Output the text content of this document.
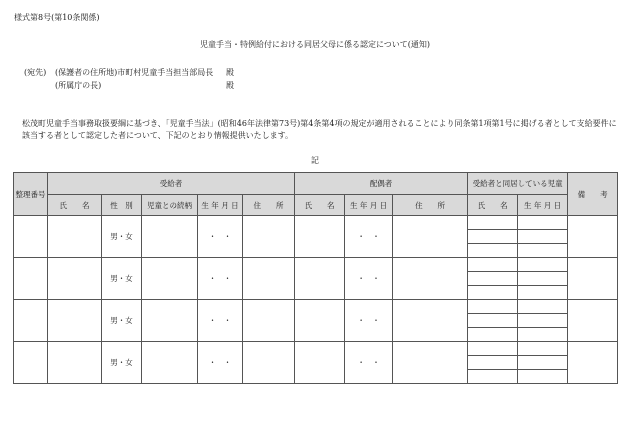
様式第8号(第10条関係)
児童手当・特例給付における同居父母に係る認定について(通知)
(宛先) (保護者の住所地)市町村児童手当担当部局長 殿
(所属庁の長)	殿
松茂町児童手当事務取扱要綱に基づき、「児童手当法」(昭和46年法律第73号)第4条第4項の規定が適用されることにより同条第1項第1号に掲げる者として支給要件に該当する者として認定した者について、下記のとおり情報提供いたします。
記
整理番号	受給者					配偶者			受給者と同居している児童		備　　考
	氏　　名	性　別	児童との続柄	生 年 月 日	住　　所	氏　　名	生 年 月 日	住　　所	氏　　名	生 年 月 日	
		男・女		・　・			・　・				

		男・女		・　・			・　・				

		男・女		・　・			・　・				

		男・女		・　・			・　・				
